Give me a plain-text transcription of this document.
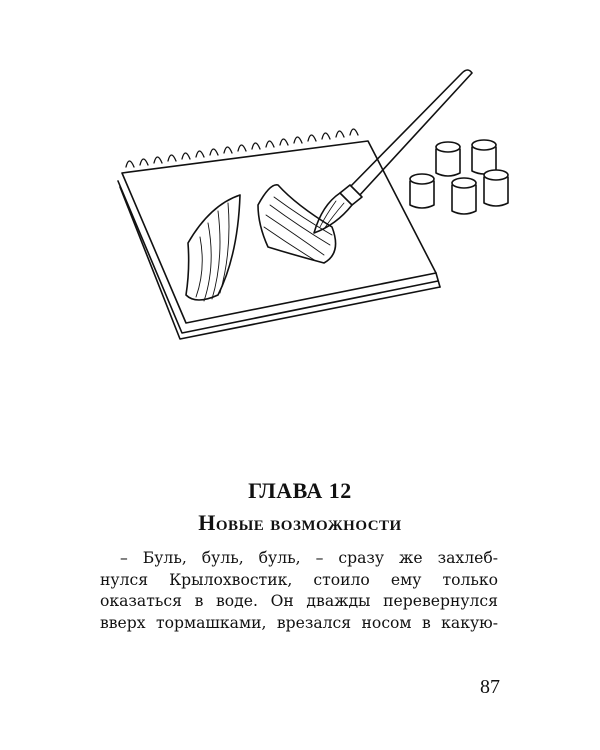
ГЛАВА 12
Новые возможности
– Буль, буль, буль, – сразу же захлеб-
нулся Крылохвостик, стоило ему только
оказаться в воде. Он дважды перевернулся
вверх тормашками, врезался носом в какую-
87
